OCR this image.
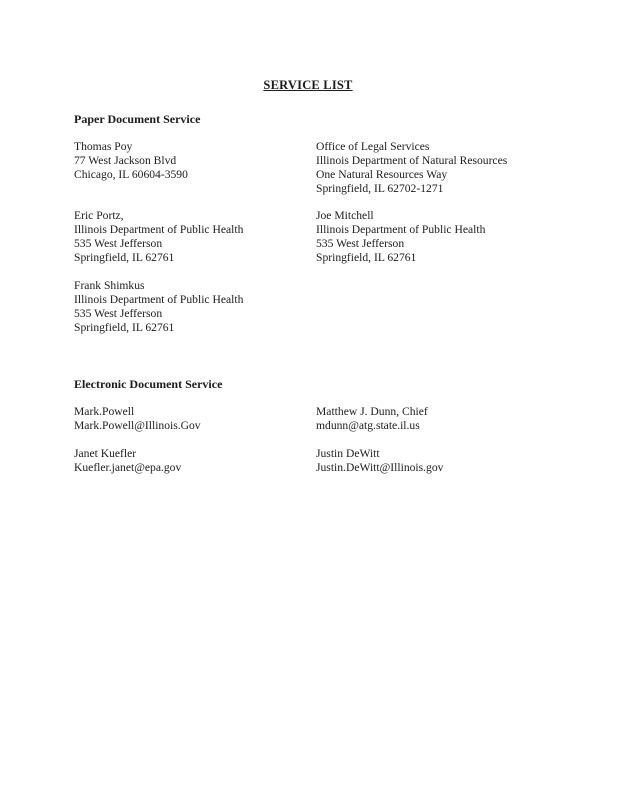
SERVICE LIST
Paper Document Service
Thomas Poy
77 West Jackson Blvd
Chicago, IL 60604-3590
Office of Legal Services
Illinois Department of Natural Resources
One Natural Resources Way
Springfield, IL 62702-1271
Eric Portz,
Illinois Department of Public Health
535 West Jefferson
Springfield, IL 62761
Joe Mitchell
Illinois Department of Public Health
535 West Jefferson
Springfield, IL 62761
Frank Shimkus
Illinois Department of Public Health
535 West Jefferson
Springfield, IL 62761
Electronic Document Service
Mark.Powell
Mark.Powell@Illinois.Gov
Matthew J. Dunn, Chief
mdunn@atg.state.il.us
Janet Kuefler
Kuefler.janet@epa.gov
Justin DeWitt
Justin.DeWitt@Illinois.gov
